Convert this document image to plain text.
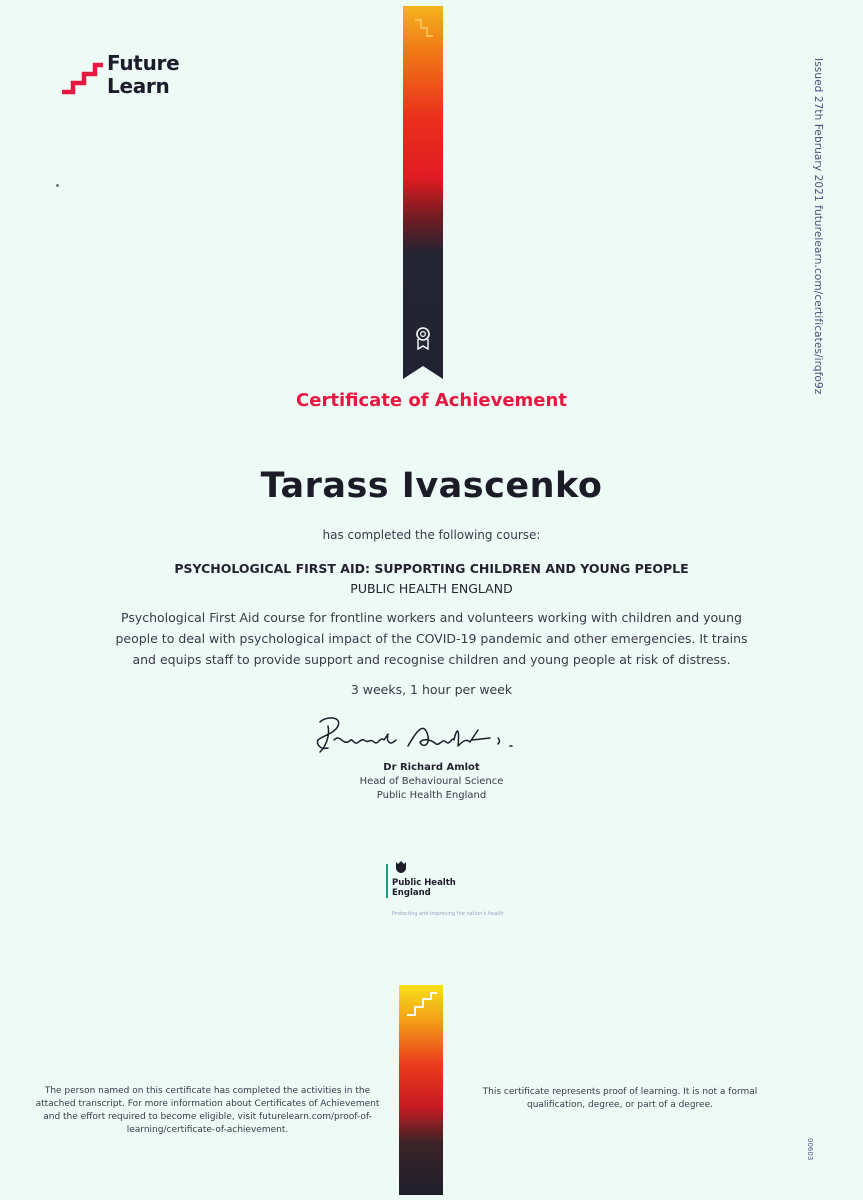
Future
Learn	Issued 27th February 2021 futurelearn.com/certificates/irqfo9z
Certificate of Achievement
Tarass Ivascenko
has completed the following course:
PSYCHOLOGICAL FIRST AID: SUPPORTING CHILDREN AND YOUNG PEOPLE
PUBLIC HEALTH ENGLAND
Psychological First Aid course for frontline workers and volunteers working with children and young people to deal with psychological impact of the COVID-19 pandemic and other emergencies. It trains and equips staff to provide support and recognise children and young people at risk of distress.
3 weeks, 1 hour per week
Dr Richard Amlot
Head of Behavioural Science
Public Health England
Public Health
England
Protecting and improving the nation's health
The person named on this certificate has completed the activities in the attached transcript. For more information about Certificates of Achievement and the effort required to become eligible, visit futurelearn.com/proof-of-learning/certificate-of-achievement.
This certificate represents proof of learning. It is not a formal qualification, degree, or part of a degree.
00603
